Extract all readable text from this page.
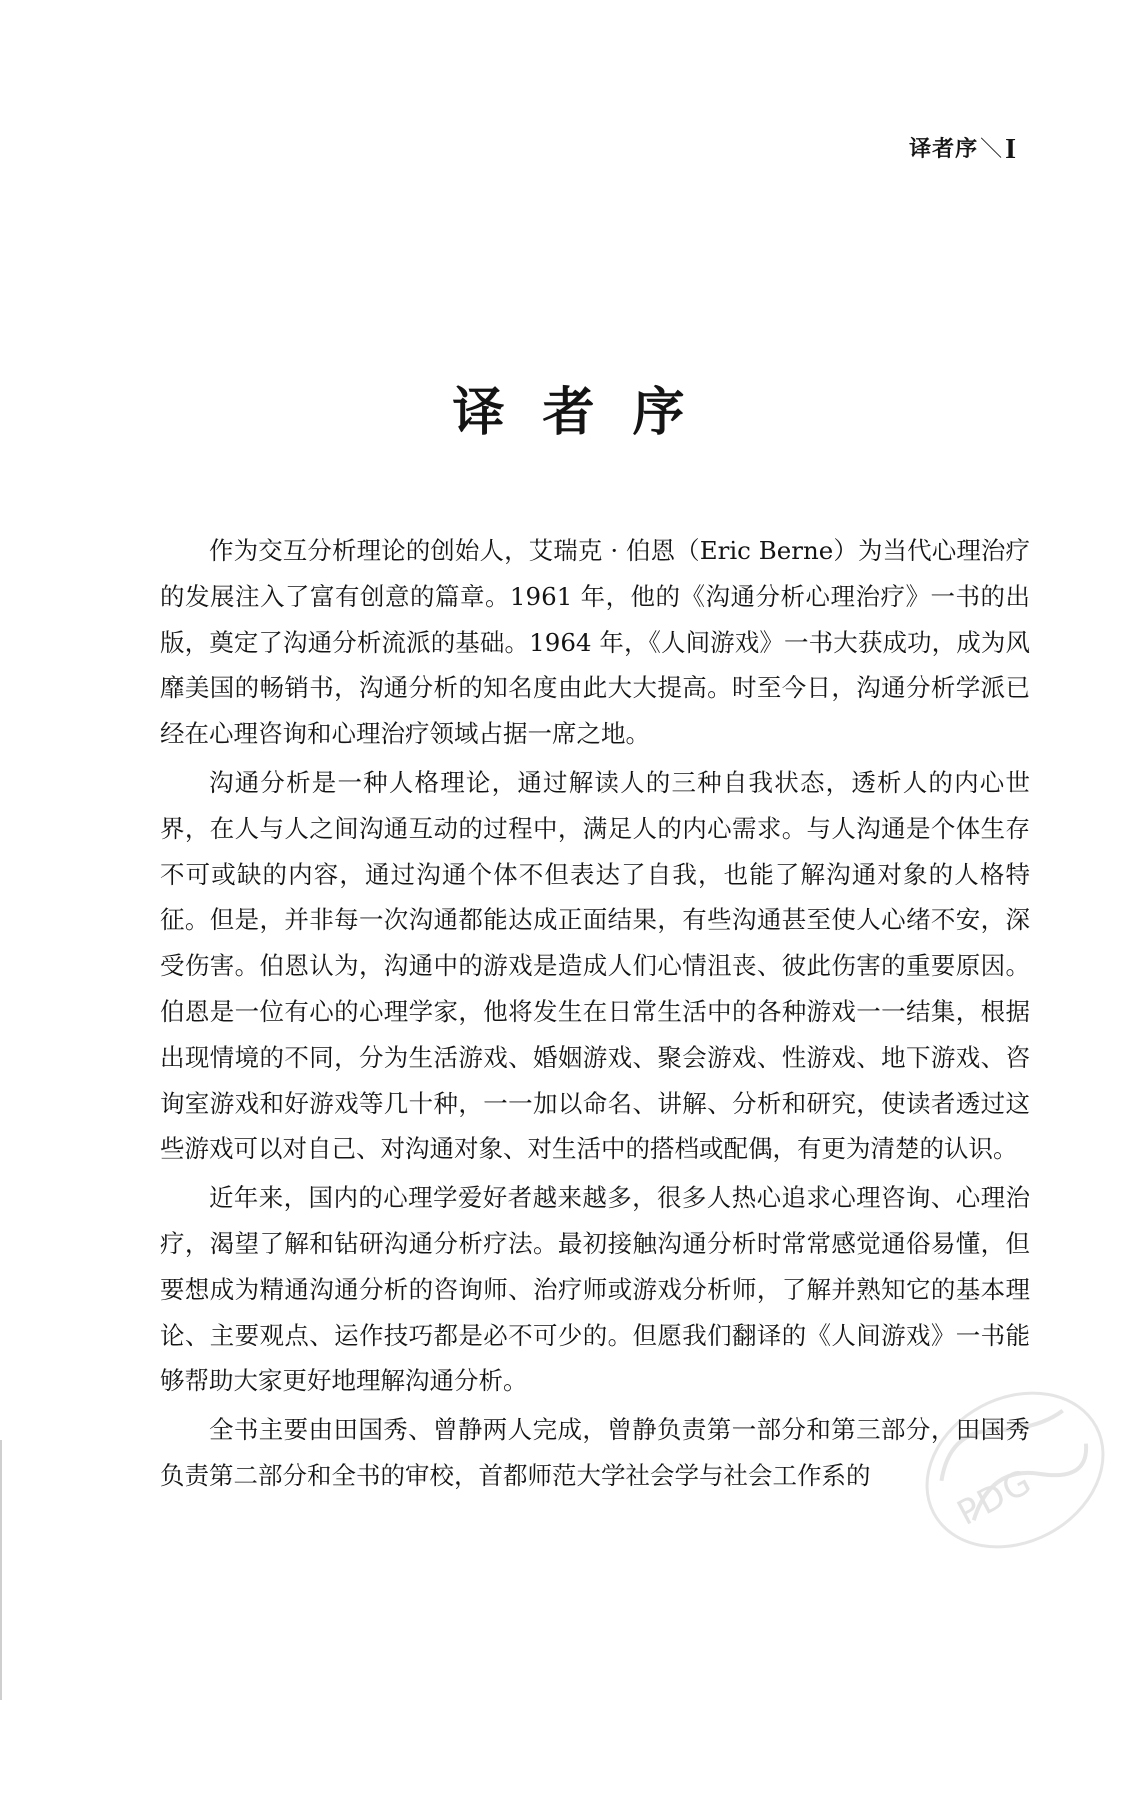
译者序＼I
译者序

作为交互分析理论的创始人，艾瑞克 · 伯恩（Eric Berne）为当代心理治疗的发展注入了富有创意的篇章。1961 年，他的《沟通分析心理治疗》一书的出版，奠定了沟通分析流派的基础。1964 年，《人间游戏》一书大获成功，成为风靡美国的畅销书，沟通分析的知名度由此大大提高。时至今日，沟通分析学派已经在心理咨询和心理治疗领域占据一席之地。

沟通分析是一种人格理论，通过解读人的三种自我状态，透析人的内心世界，在人与人之间沟通互动的过程中，满足人的内心需求。与人沟通是个体生存不可或缺的内容，通过沟通个体不但表达了自我，也能了解沟通对象的人格特征。但是，并非每一次沟通都能达成正面结果，有些沟通甚至使人心绪不安，深受伤害。伯恩认为，沟通中的游戏是造成人们心情沮丧、彼此伤害的重要原因。伯恩是一位有心的心理学家，他将发生在日常生活中的各种游戏一一结集，根据出现情境的不同，分为生活游戏、婚姻游戏、聚会游戏、性游戏、地下游戏、咨询室游戏和好游戏等几十种，一一加以命名、讲解、分析和研究，使读者透过这些游戏可以对自己、对沟通对象、对生活中的搭档或配偶，有更为清楚的认识。

近年来，国内的心理学爱好者越来越多，很多人热心追求心理咨询、心理治疗，渴望了解和钻研沟通分析疗法。最初接触沟通分析时常常感觉通俗易懂，但要想成为精通沟通分析的咨询师、治疗师或游戏分析师，了解并熟知它的基本理论、主要观点、运作技巧都是必不可少的。但愿我们翻译的《人间游戏》一书能够帮助大家更好地理解沟通分析。

全书主要由田国秀、曾静两人完成，曾静负责第一部分和第三部分，田国秀负责第二部分和全书的审校，首都师范大学社会学与社会工作系的	PDG
